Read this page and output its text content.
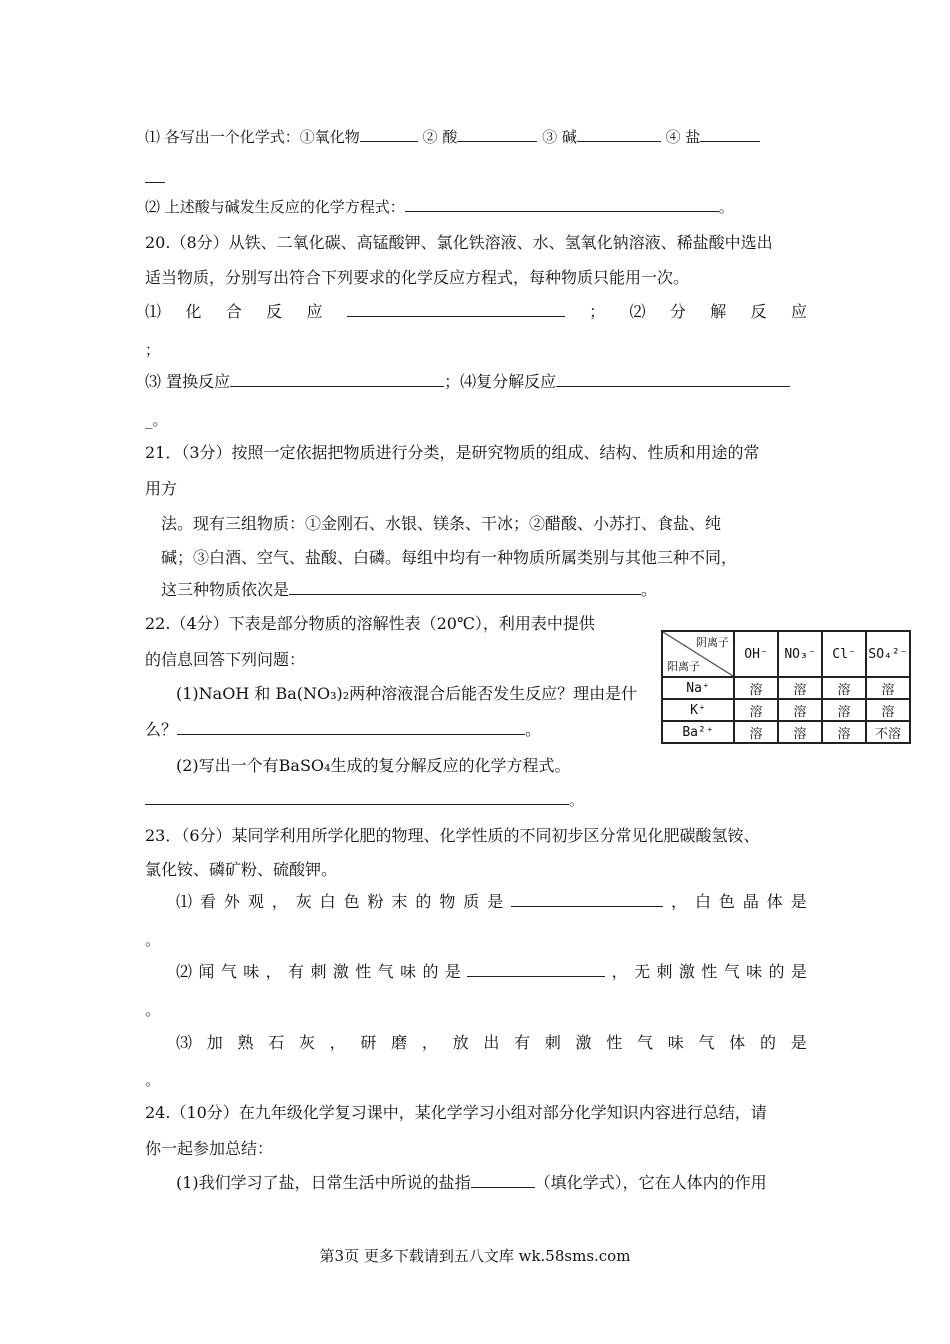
⑴ 各写出一个化学式：①氧化物	② 酸	③ 碱	④ 盐
⑵ 上述酸与碱发生反应的化学方程式：	。
20.（8分）从铁、二氧化碳、高锰酸钾、氯化铁溶液、水、氢氧化钠溶液、稀盐酸中选出
适当物质，分别写出符合下列要求的化学反应方程式，每种物质只能用一次。
⑴ 化 合 反 应	； ⑵ 分 解 反 应
；
⑶ 置换反应	；⑷复分解反应
_。
21．（3分）按照一定依据把物质进行分类，是研究物质的组成、结构、性质和用途的常
用方
法。现有三组物质：①金刚石、水银、镁条、干冰；②醋酸、小苏打、食盐、纯
碱；③白酒、空气、盐酸、白磷。每组中均有一种物质所属类别与其他三种不同，
这三种物质依次是	。
22.（4分）下表是部分物质的溶解性表（20℃），利用表中提供
的信息回答下列问题：
(1)NaOH 和 Ba(NO₃)₂两种溶液混合后能否发生反应？理由是什
么？	。
(2)写出一个有BaSO₄生成的复分解反应的化学方程式。
。
阴离子
阳离子	OH⁻	NO₃⁻	Cl⁻	SO₄²⁻
Na⁺	溶	溶	溶	溶
K⁺	溶	溶	溶	溶
Ba²⁺	溶	溶	溶	不溶
23．（6分）某同学利用所学化肥的物理、化学性质的不同初步区分常见化肥碳酸氢铵、
氯化铵、磷矿粉、硫酸钾。
⑴ 看 外 观 ， 灰 白 色 粉 末 的 物 质 是	， 白 色 晶 体 是
。
⑵ 闻 气 味 ， 有 刺 激 性 气 味 的 是	， 无 刺 激 性 气 味 的 是
。
⑶ 加 熟 石 灰 ， 研 磨 ， 放 出 有 刺 激 性 气 味 气 体 的 是
。
24.（10分）在九年级化学复习课中，某化学学习小组对部分化学知识内容进行总结，请
你一起参加总结：
(1)我们学习了盐，日常生活中所说的盐指	（填化学式），它在人体内的作用
第3页 更多下载请到五八文库 wk.58sms.com
